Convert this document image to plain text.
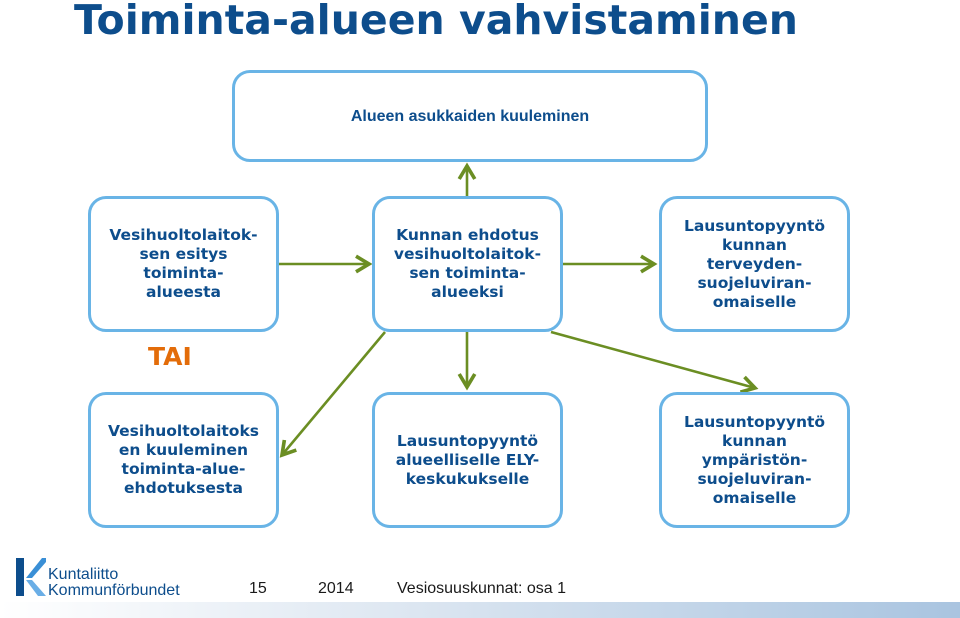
Toiminta-alueen vahvistaminen
Alueen asukkaiden kuuleminen
Vesihuoltolaitok-
sen esitys
toiminta-
alueesta
Kunnan ehdotus
vesihuoltolaitok-
sen toiminta-
alueeksi
Lausuntopyyntö
kunnan
terveyden-
suojeluviran-
omaiselle
TAI
Vesihuoltolaitoks
en kuuleminen
toiminta-alue-
ehdotuksesta
Lausuntopyyntö
alueelliselle ELY-
keskukukselle
Lausuntopyyntö
kunnan
ympäristön-
suojeluviran-
omaiselle
Kuntaliitto
Kommunförbundet	15	2014	Vesiosuuskunnat: osa 1
